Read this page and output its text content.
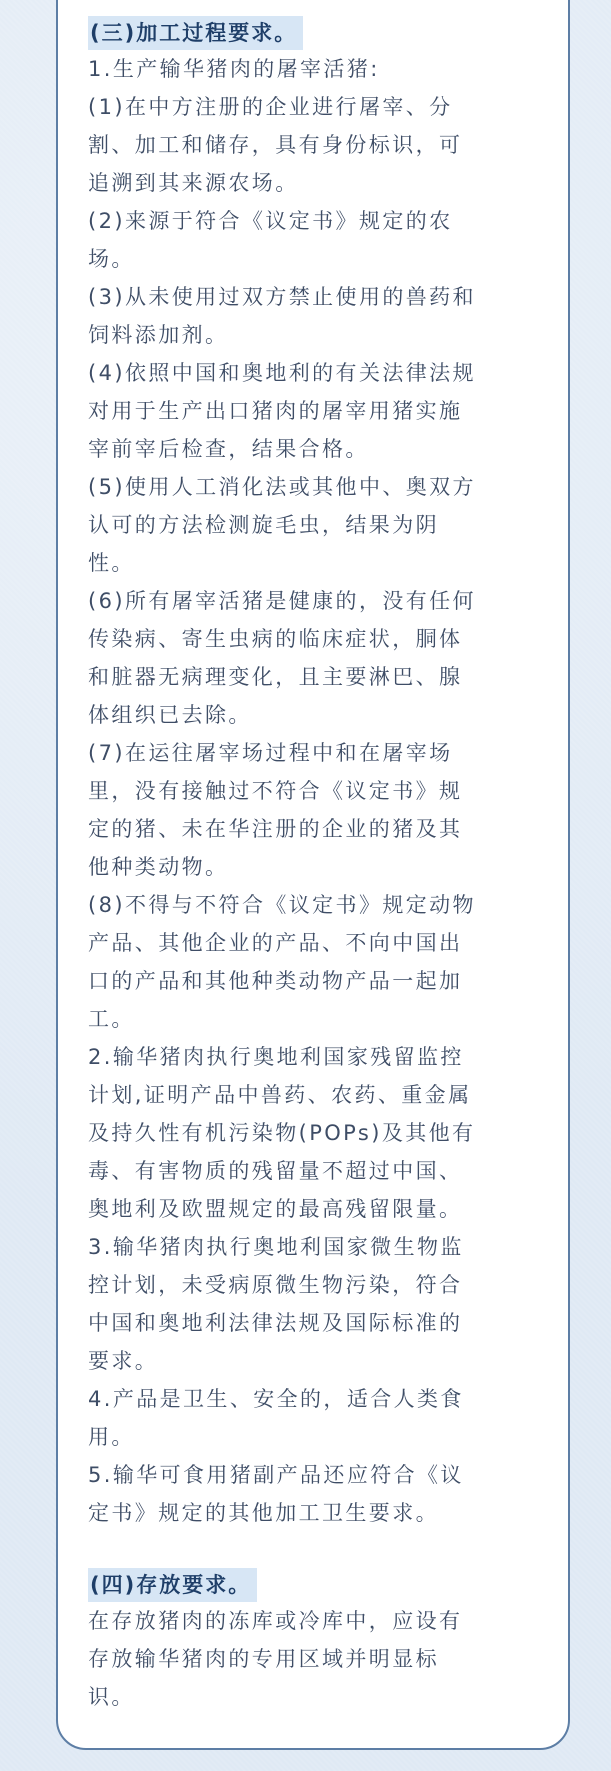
(三)加工过程要求。

1.生产输华猪肉的屠宰活猪:

(1)在中方注册的企业进行屠宰、分

割、加工和储存，具有身份标识，可

追溯到其来源农场。

(2)来源于符合《议定书》规定的农

场。

(3)从未使用过双方禁止使用的兽药和

饲料添加剂。

(4)依照中国和奥地利的有关法律法规

对用于生产出口猪肉的屠宰用猪实施

宰前宰后检查，结果合格。

(5)使用人工消化法或其他中、奥双方

认可的方法检测旋毛虫，结果为阴

性。

(6)所有屠宰活猪是健康的，没有任何

传染病、寄生虫病的临床症状，胴体

和脏器无病理变化，且主要淋巴、腺

体组织已去除。

(7)在运往屠宰场过程中和在屠宰场

里，没有接触过不符合《议定书》规

定的猪、未在华注册的企业的猪及其

他种类动物。

(8)不得与不符合《议定书》规定动物

产品、其他企业的产品、不向中国出

口的产品和其他种类动物产品一起加

工。

2.输华猪肉执行奥地利国家残留监控

计划,证明产品中兽药、农药、重金属

及持久性有机污染物(POPs)及其他有

毒、有害物质的残留量不超过中国、

奥地利及欧盟规定的最高残留限量。

3.输华猪肉执行奥地利国家微生物监

控计划，未受病原微生物污染，符合

中国和奥地利法律法规及国际标准的

要求。

4.产品是卫生、安全的，适合人类食

用。

5.输华可食用猪副产品还应符合《议

定书》规定的其他加工卫生要求。

(四)存放要求。

在存放猪肉的冻库或冷库中，应设有

存放输华猪肉的专用区域并明显标

识。
